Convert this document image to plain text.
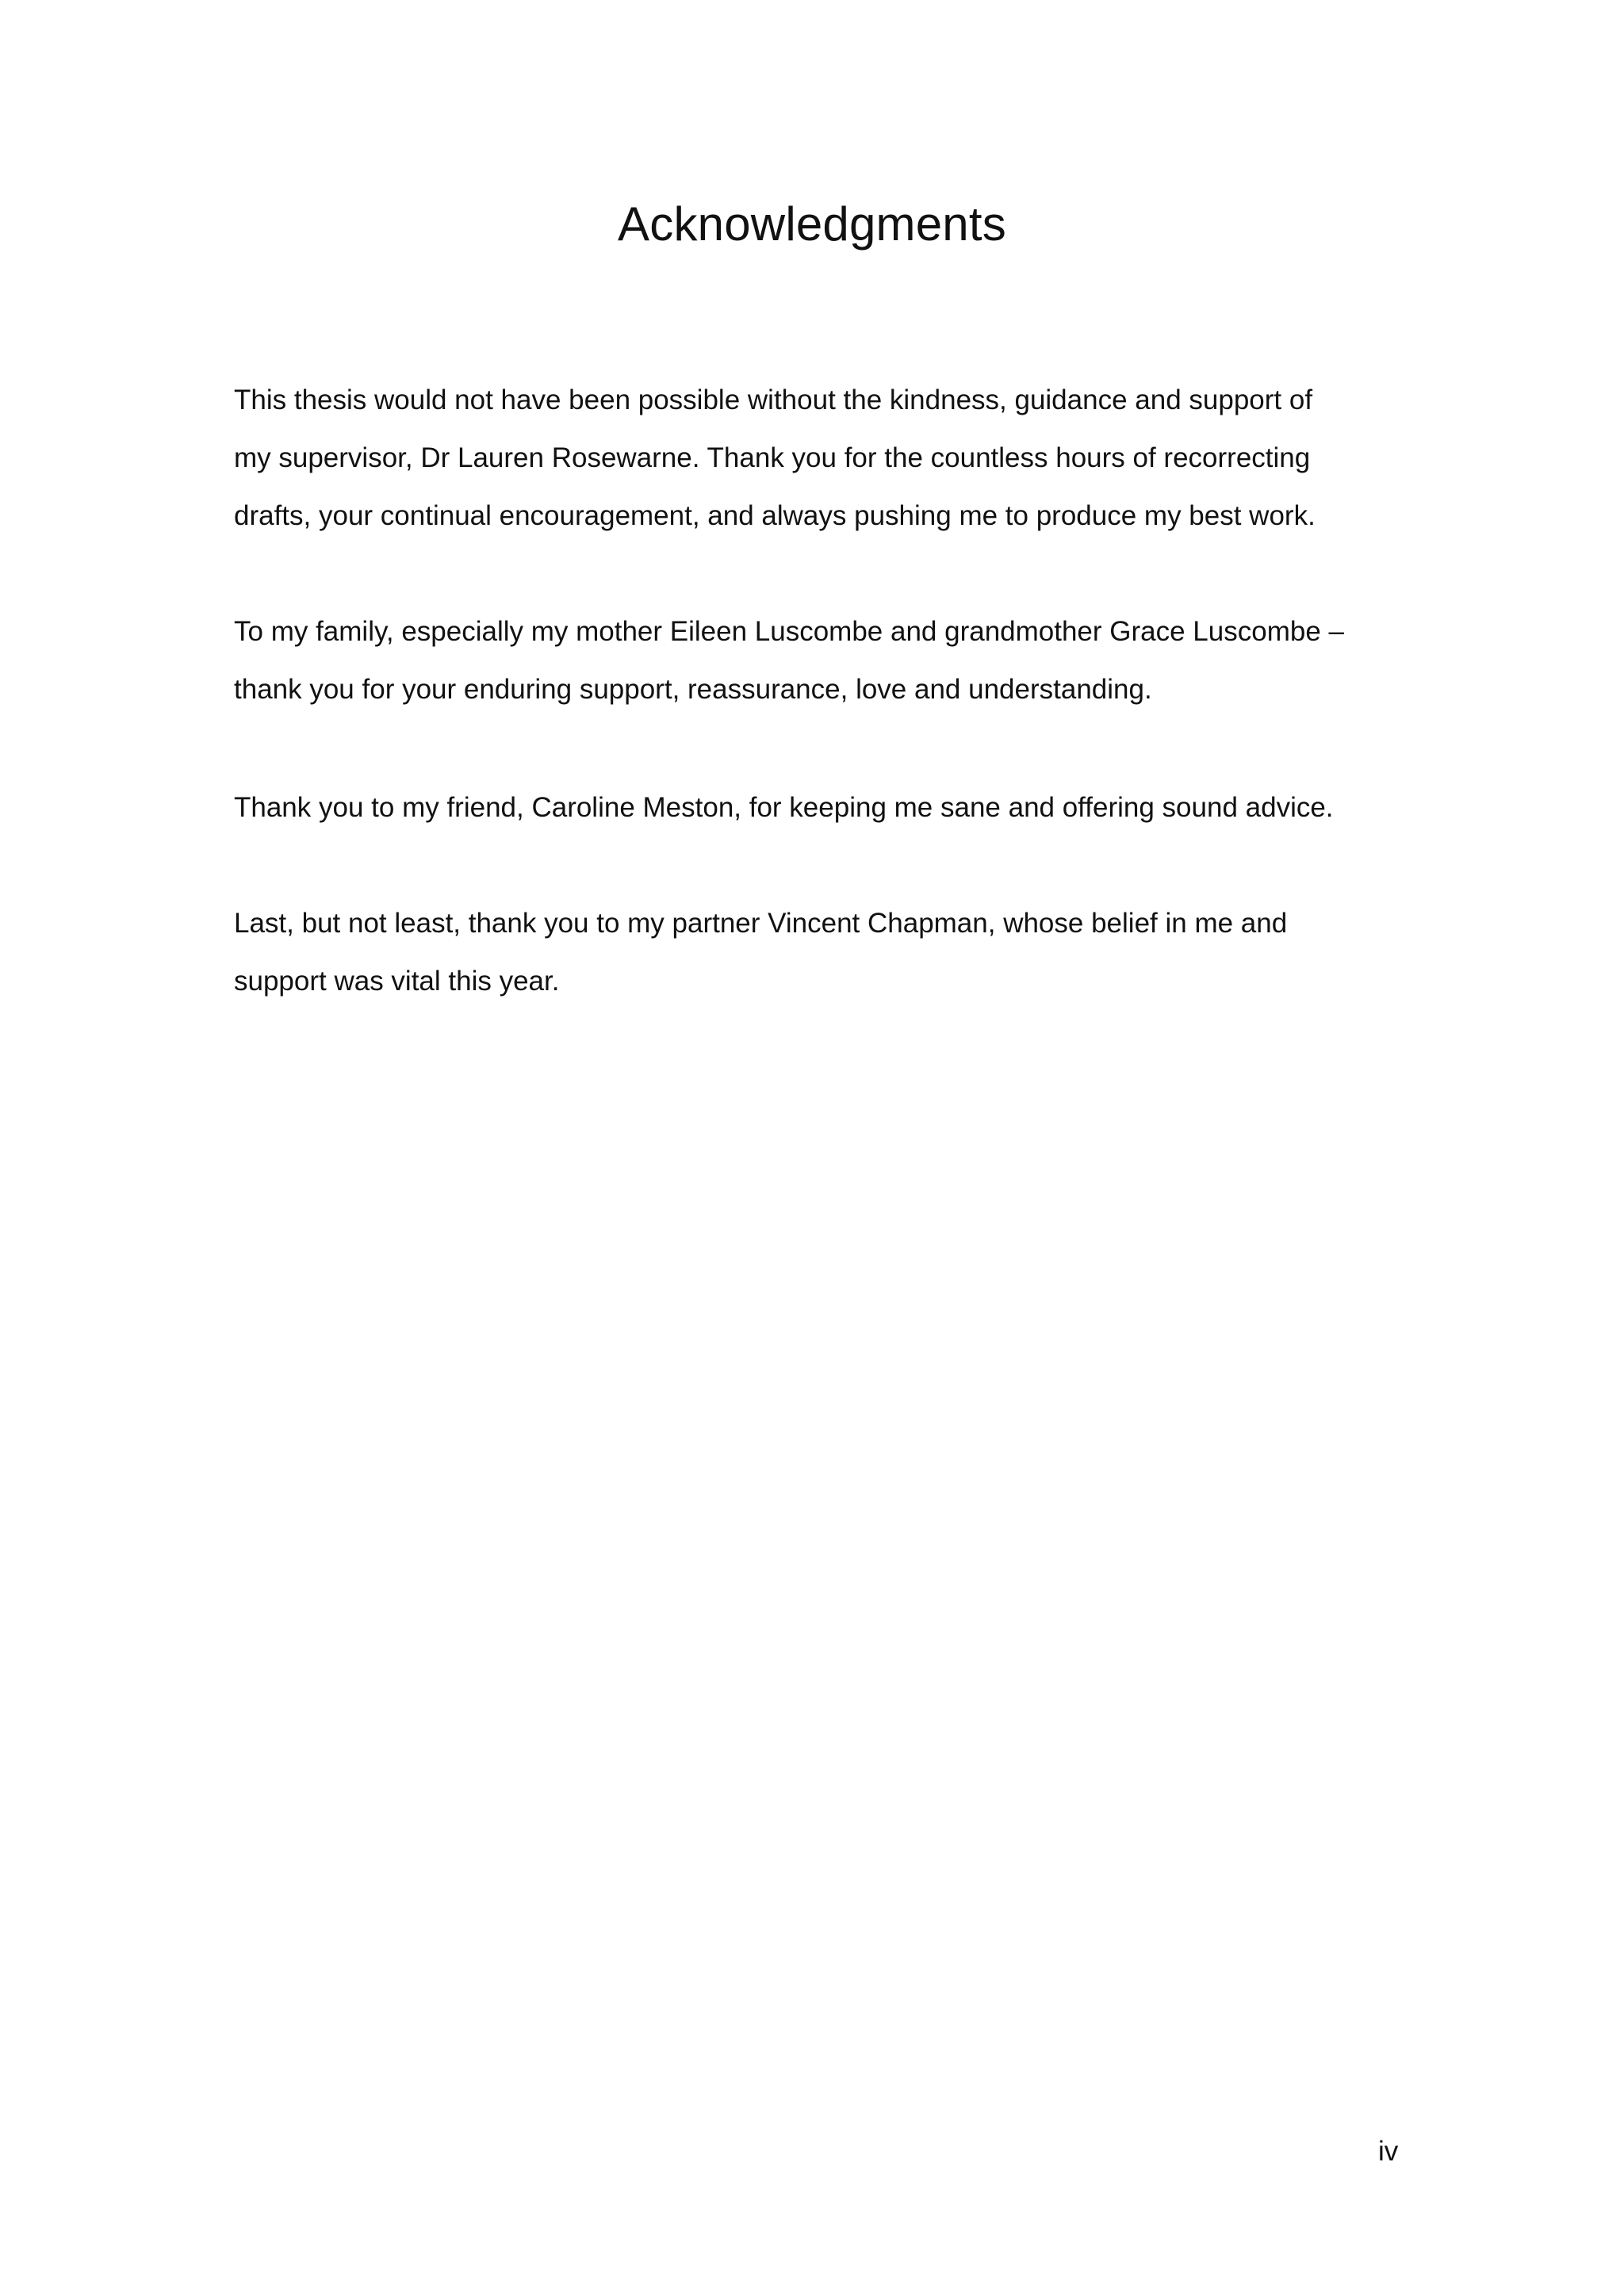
Acknowledgments

This thesis would not have been possible without the kindness, guidance and support of
my supervisor, Dr Lauren Rosewarne. Thank you for the countless hours of recorrecting
drafts, your continual encouragement, and always pushing me to produce my best work.

To my family, especially my mother Eileen Luscombe and grandmother Grace Luscombe –
thank you for your enduring support, reassurance, love and understanding.

Thank you to my friend, Caroline Meston, for keeping me sane and offering sound advice.

Last, but not least, thank you to my partner Vincent Chapman, whose belief in me and
support was vital this year.

iv
